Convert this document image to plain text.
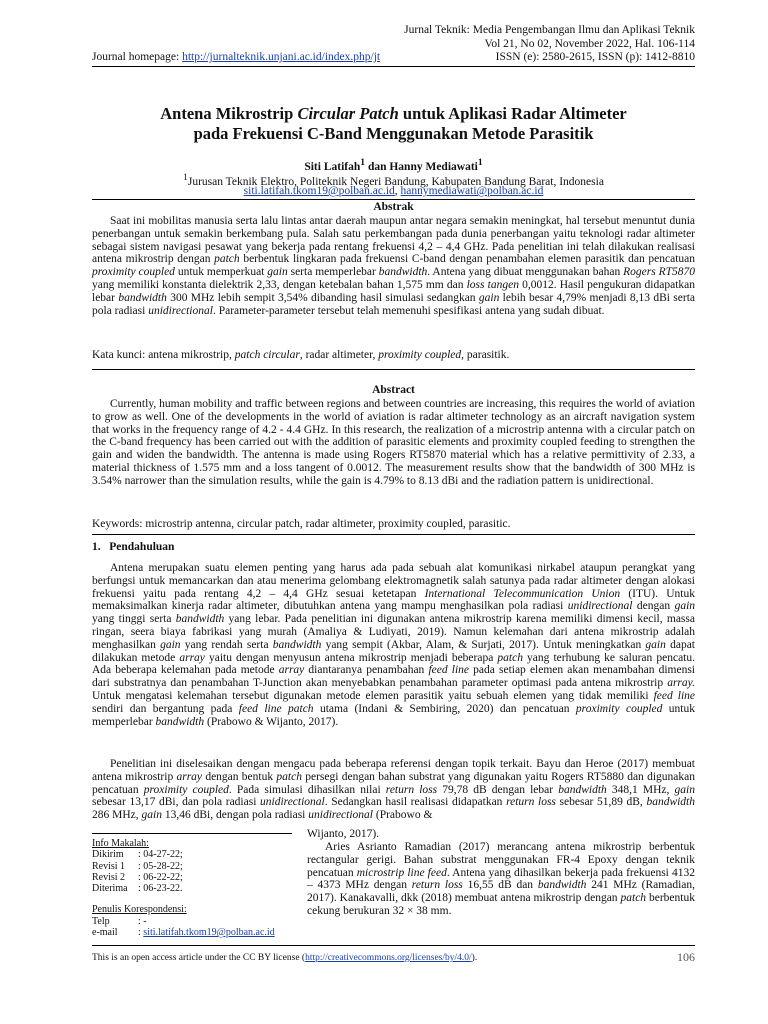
Jurnal Teknik: Media Pengembangan Ilmu dan Aplikasi Teknik
Vol 21, No 02, November 2022, Hal. 106-114
Journal homepage: http://jurnalteknik.unjani.ac.id/index.php/jt	ISSN (e): 2580-2615, ISSN (p): 1412-8810
Antena Mikrostrip Circular Patch untuk Aplikasi Radar Altimeter
pada Frekuensi C-Band Menggunakan Metode Parasitik
Siti Latifah$^1$ dan Hanny Mediawati$^1$
$^1$Jurusan Teknik Elektro, Politeknik Negeri Bandung, Kabupaten Bandung Barat, Indonesia
siti.latifah.tkom19@polban.ac.id, hannymediawati@polban.ac.id
Abstrak
Saat ini mobilitas manusia serta lalu lintas antar daerah maupun antar negara semakin meningkat, hal tersebut menuntut dunia penerbangan untuk semakin berkembang pula. Salah satu perkembangan pada dunia penerbangan yaitu teknologi radar altimeter sebagai sistem navigasi pesawat yang bekerja pada rentang frekuensi 4,2 – 4,4 GHz. Pada penelitian ini telah dilakukan realisasi antena mikrostrip dengan patch berbentuk lingkaran pada frekuensi C-band dengan penambahan elemen parasitik dan pencatuan proximity coupled untuk memperkuat gain serta memperlebar bandwidth. Antena yang dibuat menggunakan bahan Rogers RT5870 yang memiliki konstanta dielektrik 2,33, dengan ketebalan bahan 1,575 mm dan loss tangen 0,0012. Hasil pengukuran didapatkan lebar bandwidth 300 MHz lebih sempit 3,54% dibanding hasil simulasi sedangkan gain lebih besar 4,79% menjadi 8,13 dBi serta pola radiasi unidirectional. Parameter-parameter tersebut telah memenuhi spesifikasi antena yang sudah dibuat.
Kata kunci: antena mikrostrip, patch circular, radar altimeter, proximity coupled, parasitik.
Abstract
Currently, human mobility and traffic between regions and between countries are increasing, this requires the world of aviation to grow as well. One of the developments in the world of aviation is radar altimeter technology as an aircraft navigation system that works in the frequency range of 4.2 - 4.4 GHz. In this research, the realization of a microstrip antenna with a circular patch on the C-band frequency has been carried out with the addition of parasitic elements and proximity coupled feeding to strengthen the gain and widen the bandwidth. The antenna is made using Rogers RT5870 material which has a relative permittivity of 2.33, a material thickness of 1.575 mm and a loss tangent of 0.0012. The measurement results show that the bandwidth of 300 MHz is 3.54% narrower than the simulation results, while the gain is 4.79% to 8.13 dBi and the radiation pattern is unidirectional.
Keywords: microstrip antenna, circular patch, radar altimeter, proximity coupled, parasitic.
1.   Pendahuluan
Antena merupakan suatu elemen penting yang harus ada pada sebuah alat komunikasi nirkabel ataupun perangkat yang berfungsi untuk memancarkan dan atau menerima gelombang elektromagnetik salah satunya pada radar altimeter dengan alokasi frekuensi yaitu pada rentang 4,2 – 4,4 GHz sesuai ketetapan International Telecommunication Union (ITU). Untuk memaksimalkan kinerja radar altimeter, dibutuhkan antena yang mampu menghasilkan pola radiasi unidirectional dengan gain yang tinggi serta bandwidth yang lebar. Pada penelitian ini digunakan antena mikrostrip karena memiliki dimensi kecil, massa ringan, seera biaya fabrikasi yang murah (Amaliya & Ludiyati, 2019). Namun kelemahan dari antena mikrostrip adalah menghasilkan gain yang rendah serta bandwidth yang sempit (Akbar, Alam, & Surjati, 2017). Untuk meningkatkan gain dapat dilakukan metode array yaitu dengan menyusun antena mikrostrip menjadi beberapa patch yang terhubung ke saluran pencatu. Ada beberapa kelemahan pada metode array diantaranya penambahan feed line pada setiap elemen akan menambahan dimensi dari substratnya dan penambahan T-Junction akan menyebabkan penambahan parameter optimasi pada antena mikrostrip array. Untuk mengatasi kelemahan tersebut digunakan metode elemen parasitik yaitu sebuah elemen yang tidak memiliki feed line sendiri dan bergantung pada feed line patch utama (Indani & Sembiring, 2020) dan pencatuan proximity coupled untuk memperlebar bandwidth (Prabowo & Wijanto, 2017).
Penelitian ini diselesaikan dengan mengacu pada beberapa referensi dengan topik terkait. Bayu dan Heroe (2017) membuat antena mikrostrip array dengan bentuk patch persegi dengan bahan substrat yang digunakan yaitu Rogers RT5880 dan digunakan pencatuan proximity coupled. Pada simulasi dihasilkan nilai return loss 79,78 dB dengan lebar bandwidth 348,1 MHz, gain sebesar 13,17 dBi, dan pola radiasi unidirectional. Sedangkan hasil realisasi didapatkan return loss sebesar 51,89 dB, bandwidth 286 MHz, gain 13,46 dBi, dengan pola radiasi unidirectional (Prabowo &
Wijanto, 2017).
Aries Asrianto Ramadian (2017) merancang antena mikrostrip berbentuk rectangular gerigi. Bahan substrat menggunakan FR-4 Epoxy dengan teknik pencatuan microstrip line feed. Antena yang dihasilkan bekerja pada frekuensi 4132 – 4373 MHz dengan return loss 16,55 dB dan bandwidth 241 MHz (Ramadian, 2017). Kanakavalli, dkk (2018) membuat antena mikrostrip dengan patch berbentuk cekung berukuran 32 × 38 mm.
Info Makalah:
Dikirim	: 04-27-22;
Revisi 1	: 05-28-22;
Revisi 2	: 06-22-22;
Diterima	: 06-23-22.
Penulis Korespondensi:
Telp	: -
e-mail	: siti.latifah.tkom19@polban.ac.id
This is an open access article under the CC BY license (http://creativecommons.org/licenses/by/4.0/).	106
